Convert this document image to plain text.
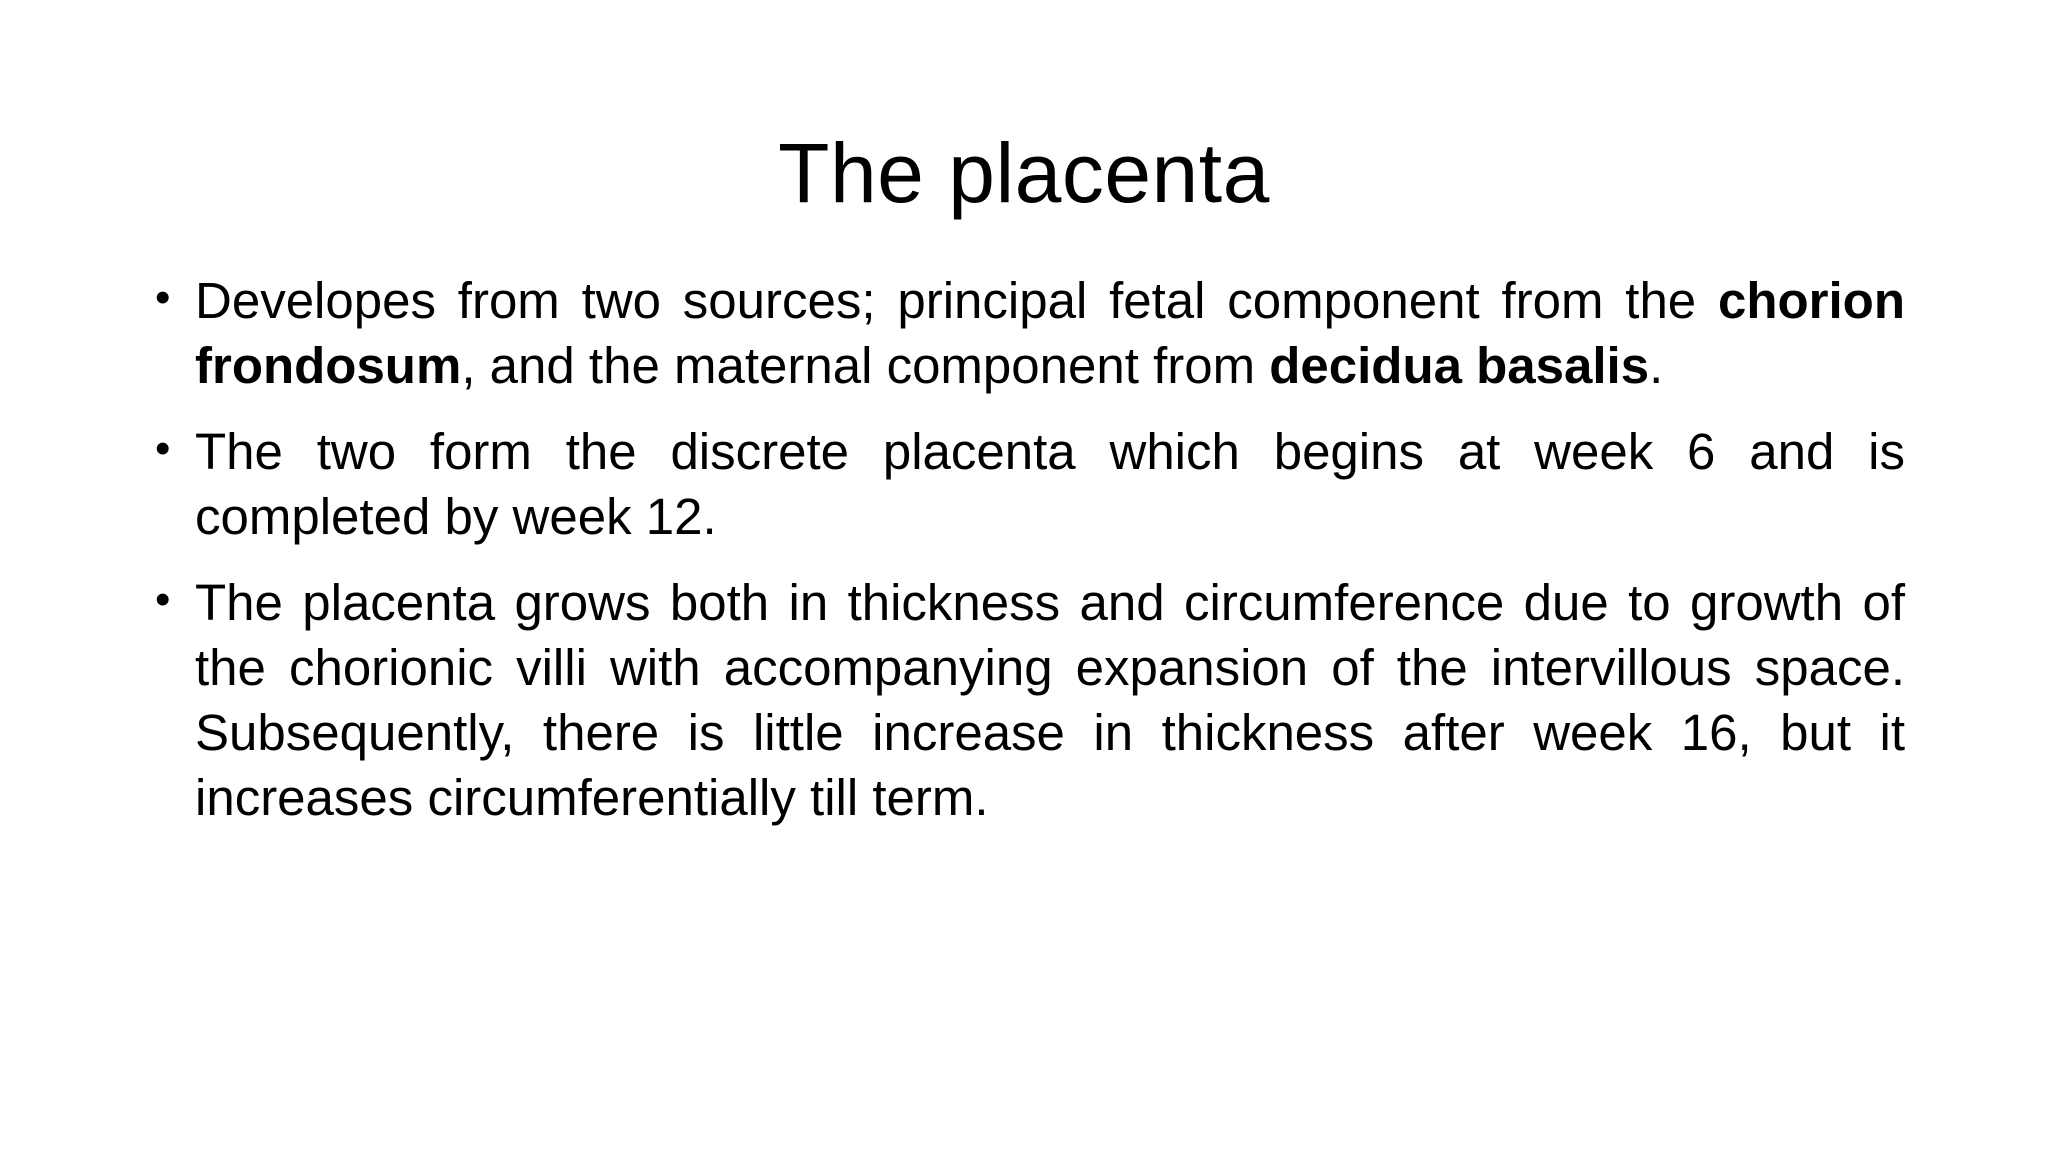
The placenta
• Developes from two sources; principal fetal component from the chorion frondosum, and the maternal component from decidua basalis.
• The two form the discrete placenta which begins at week 6 and is completed by week 12.
• The placenta grows both in thickness and circumference due to growth of the chorionic villi with accompanying expansion of the intervillous space. Subsequently, there is little increase in thickness after week 16, but it increases circumferentially till term.
